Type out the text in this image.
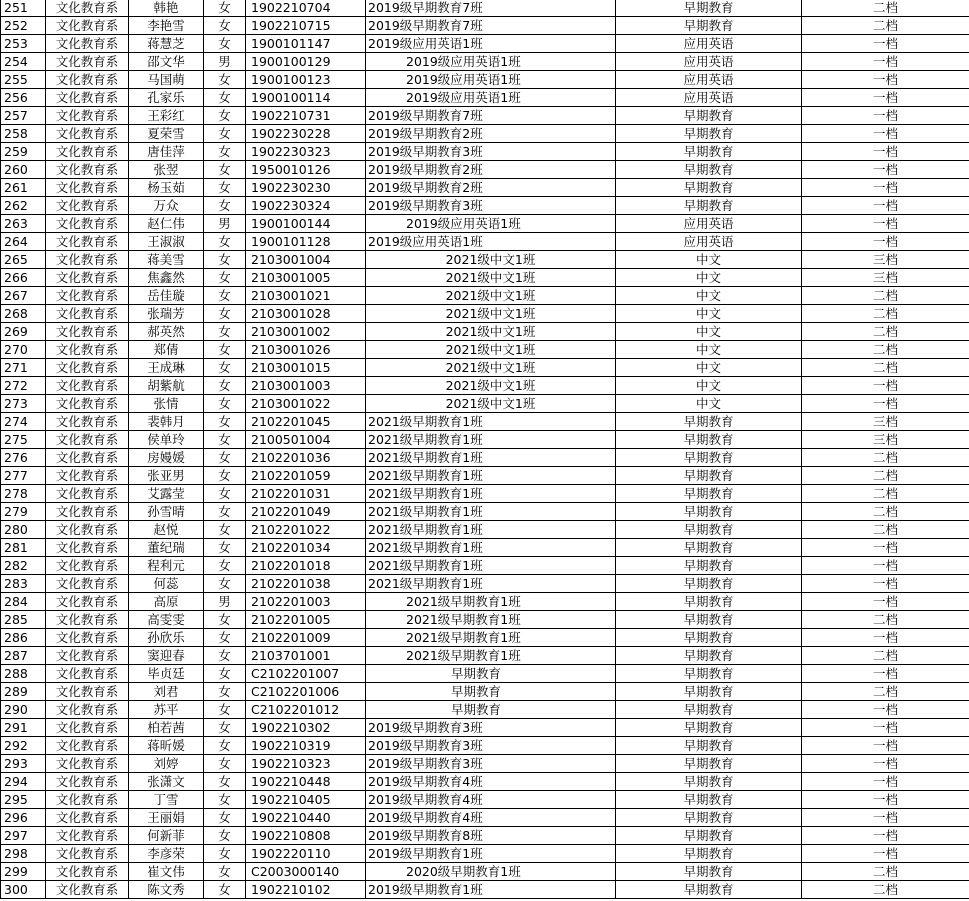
251	文化教育系	韩艳	女	1902210704	2019级早期教育7班	早期教育	二档
252	文化教育系	李艳雪	女	1902210715	2019级早期教育7班	早期教育	二档
253	文化教育系	蒋慧芝	女	1900101147	2019级应用英语1班	应用英语	一档
254	文化教育系	邵文华	男	1900100129	2019级应用英语1班	应用英语	一档
255	文化教育系	马国萌	女	1900100123	2019级应用英语1班	应用英语	一档
256	文化教育系	孔家乐	女	1900100114	2019级应用英语1班	应用英语	一档
257	文化教育系	王彩红	女	1902210731	2019级早期教育7班	早期教育	一档
258	文化教育系	夏荣雪	女	1902230228	2019级早期教育2班	早期教育	一档
259	文化教育系	唐佳萍	女	1902230323	2019级早期教育3班	早期教育	一档
260	文化教育系	张翌	女	1950010126	2019级早期教育2班	早期教育	一档
261	文化教育系	杨玉茹	女	1902230230	2019级早期教育2班	早期教育	一档
262	文化教育系	万众	女	1902230324	2019级早期教育3班	早期教育	一档
263	文化教育系	赵仁伟	男	1900100144	2019级应用英语1班	应用英语	一档
264	文化教育系	王淑淑	女	1900101128	2019级应用英语1班	应用英语	一档
265	文化教育系	蒋美雪	女	2103001004	2021级中文1班	中文	三档
266	文化教育系	焦鑫然	女	2103001005	2021级中文1班	中文	三档
267	文化教育系	岳佳璇	女	2103001021	2021级中文1班	中文	二档
268	文化教育系	张瑞芳	女	2103001028	2021级中文1班	中文	二档
269	文化教育系	郝英然	女	2103001002	2021级中文1班	中文	二档
270	文化教育系	郑倩	女	2103001026	2021级中文1班	中文	二档
271	文化教育系	王成琳	女	2103001015	2021级中文1班	中文	二档
272	文化教育系	胡紫航	女	2103001003	2021级中文1班	中文	一档
273	文化教育系	张情	女	2103001022	2021级中文1班	中文	一档
274	文化教育系	裴韩月	女	2102201045	2021级早期教育1班	早期教育	三档
275	文化教育系	侯单玲	女	2100501004	2021级早期教育1班	早期教育	三档
276	文化教育系	房嫚媛	女	2102201036	2021级早期教育1班	早期教育	二档
277	文化教育系	张亚男	女	2102201059	2021级早期教育1班	早期教育	二档
278	文化教育系	艾露莹	女	2102201031	2021级早期教育1班	早期教育	二档
279	文化教育系	孙雪晴	女	2102201049	2021级早期教育1班	早期教育	二档
280	文化教育系	赵悦	女	2102201022	2021级早期教育1班	早期教育	二档
281	文化教育系	董纪瑞	女	2102201034	2021级早期教育1班	早期教育	一档
282	文化教育系	程利元	女	2102201018	2021级早期教育1班	早期教育	一档
283	文化教育系	何蕊	女	2102201038	2021级早期教育1班	早期教育	一档
284	文化教育系	高原	男	2102201003	2021级早期教育1班	早期教育	一档
285	文化教育系	高雯雯	女	2102201005	2021级早期教育1班	早期教育	二档
286	文化教育系	孙欣乐	女	2102201009	2021级早期教育1班	早期教育	一档
287	文化教育系	窦迎春	女	2103701001	2021级早期教育1班	早期教育	二档
288	文化教育系	毕贞廷	女	C2102201007	早期教育	早期教育	一档
289	文化教育系	刘君	女	C2102201006	早期教育	早期教育	二档
290	文化教育系	苏平	女	C2102201012	早期教育	早期教育	一档
291	文化教育系	柏若茜	女	1902210302	2019级早期教育3班	早期教育	一档
292	文化教育系	蒋昕媛	女	1902210319	2019级早期教育3班	早期教育	一档
293	文化教育系	刘婷	女	1902210323	2019级早期教育3班	早期教育	一档
294	文化教育系	张潇文	女	1902210448	2019级早期教育4班	早期教育	一档
295	文化教育系	丁雪	女	1902210405	2019级早期教育4班	早期教育	一档
296	文化教育系	王丽娟	女	1902210440	2019级早期教育4班	早期教育	一档
297	文化教育系	何新菲	女	1902210808	2019级早期教育8班	早期教育	一档
298	文化教育系	李彦荣	女	1902220110	2019级早期教育1班	早期教育	一档
299	文化教育系	崔文伟	女	C2003000140	2020级早期教育1班	早期教育	二档
300	文化教育系	陈文秀	女	1902210102	2019级早期教育1班	早期教育	二档
